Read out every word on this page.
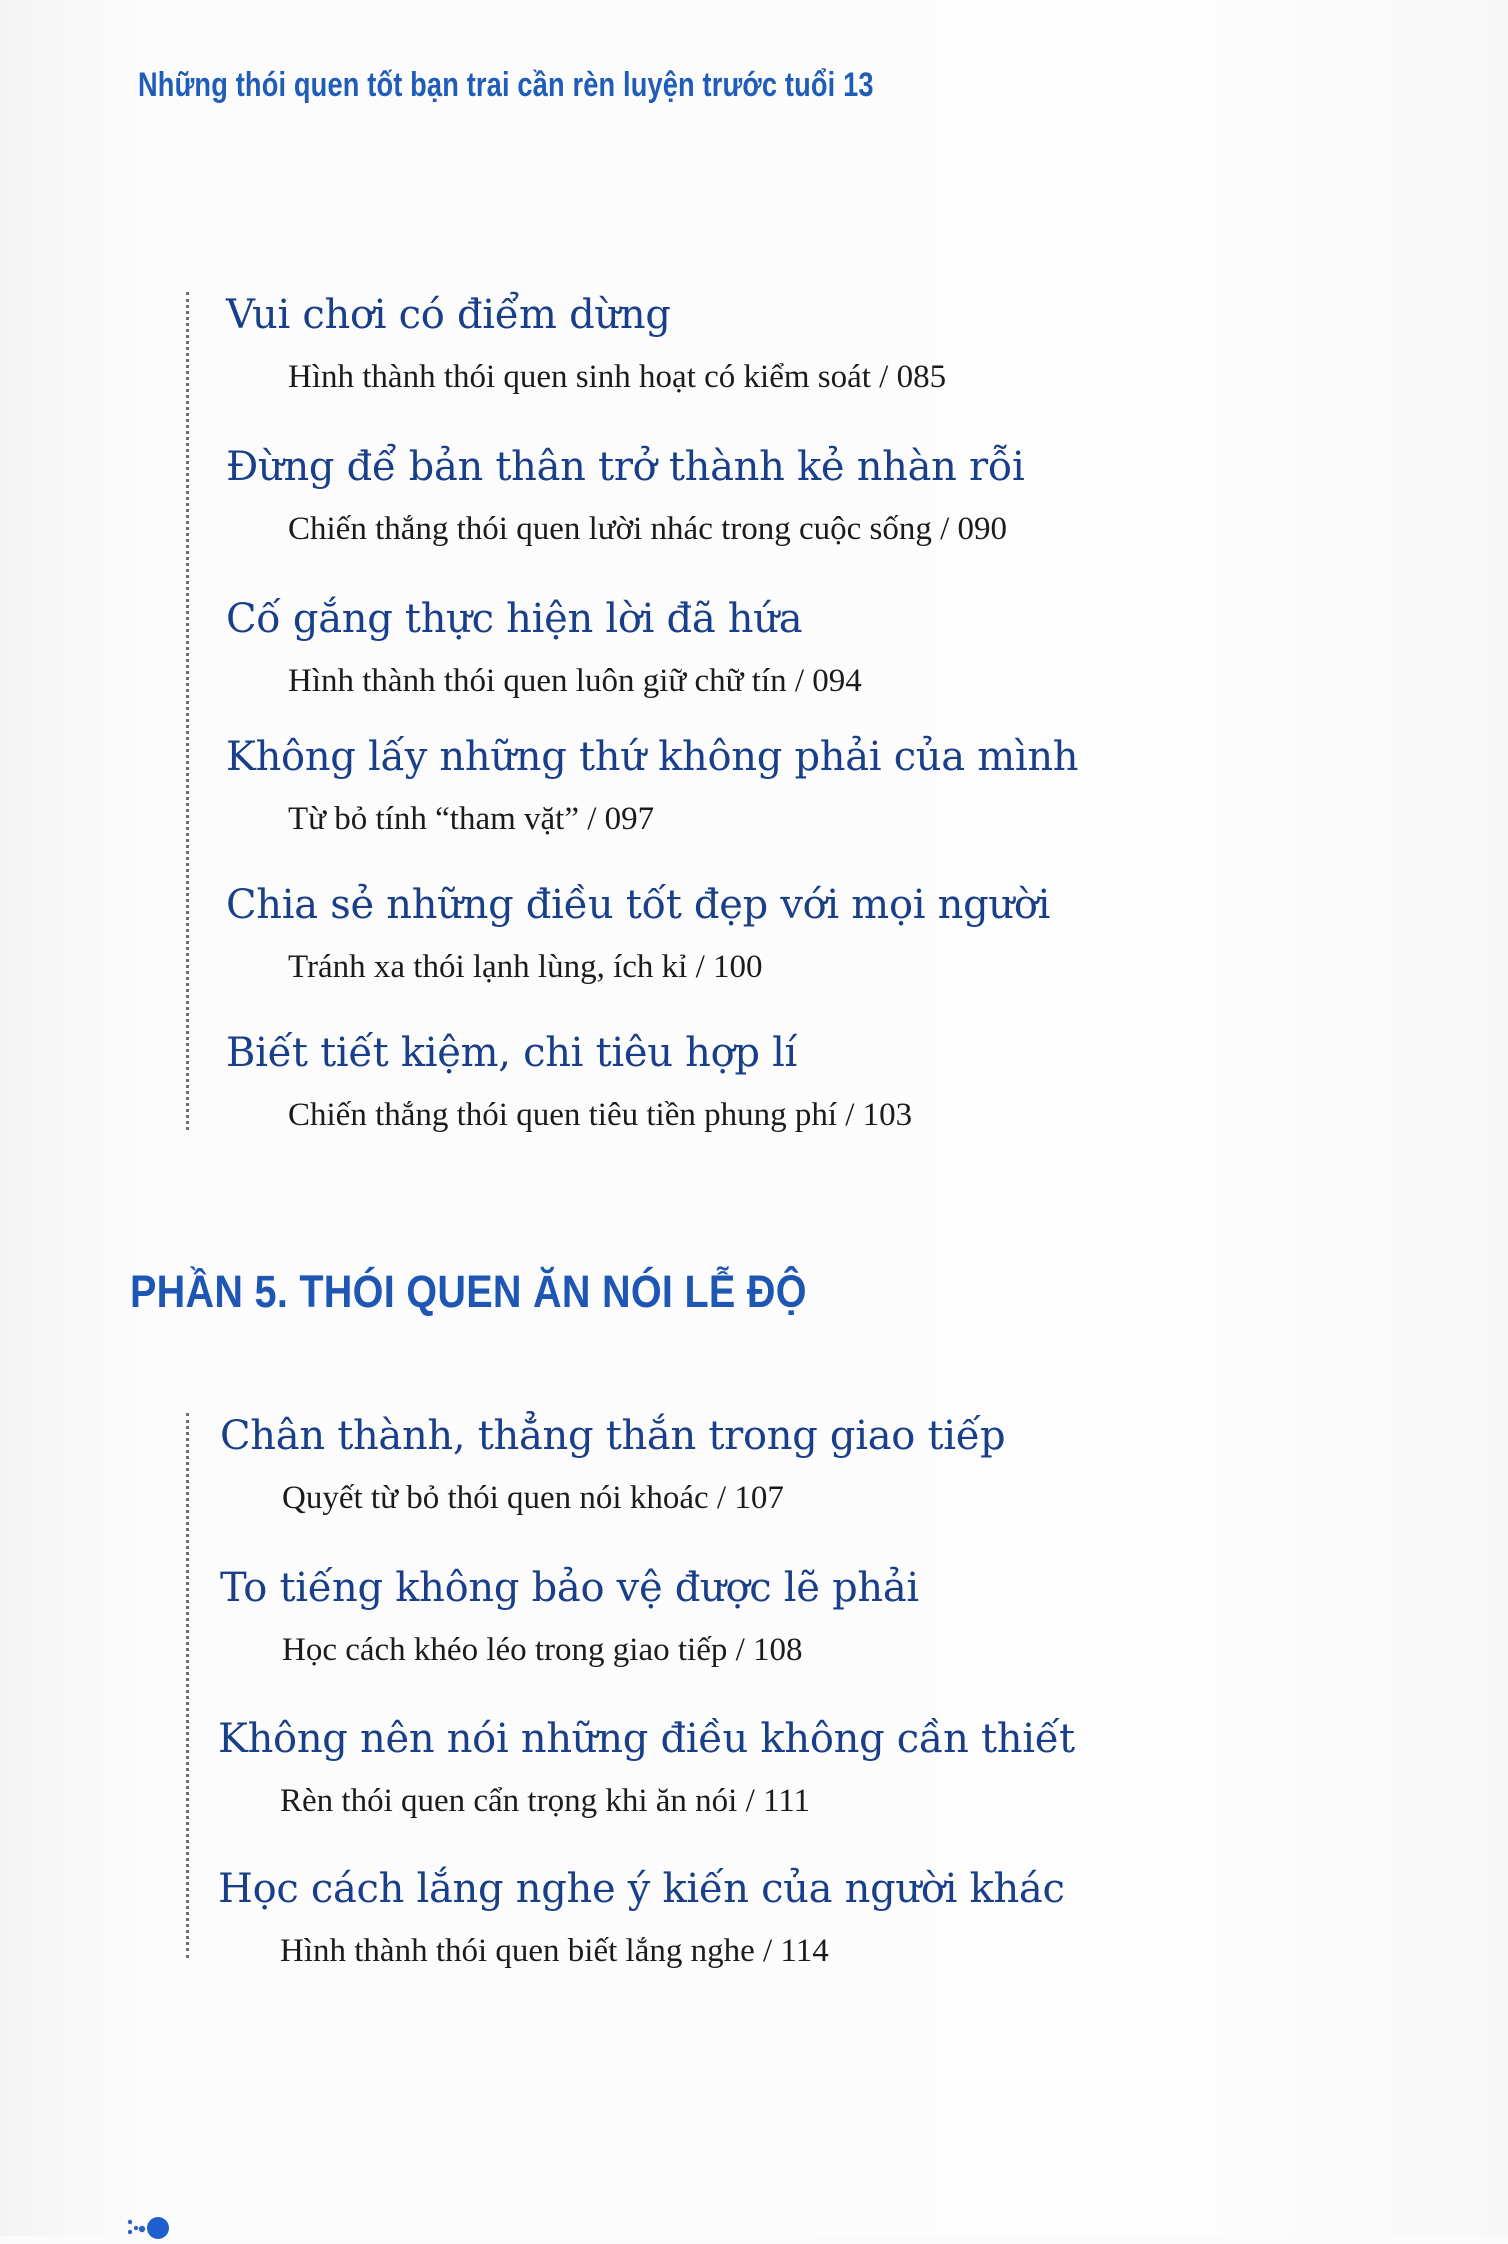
Những thói quen tốt bạn trai cần rèn luyện trước tuổi 13
Vui chơi có điểm dừng
Hình thành thói quen sinh hoạt có kiểm soát / 085
Đừng để bản thân trở thành kẻ nhàn rỗi
Chiến thắng thói quen lười nhác trong cuộc sống / 090
Cố gắng thực hiện lời đã hứa
Hình thành thói quen luôn giữ chữ tín / 094
Không lấy những thứ không phải của mình
Từ bỏ tính “tham vặt” / 097
Chia sẻ những điều tốt đẹp với mọi người
Tránh xa thói lạnh lùng, ích kỉ / 100
Biết tiết kiệm, chi tiêu hợp lí
Chiến thắng thói quen tiêu tiền phung phí / 103
PHẦN 5. THÓI QUEN ĂN NÓI LỄ ĐỘ
Chân thành, thẳng thắn trong giao tiếp
Quyết từ bỏ thói quen nói khoác / 107
To tiếng không bảo vệ được lẽ phải
Học cách khéo léo trong giao tiếp / 108
Không nên nói những điều không cần thiết
Rèn thói quen cẩn trọng khi ăn nói / 111
Học cách lắng nghe ý kiến của người khác
Hình thành thói quen biết lắng nghe / 114
